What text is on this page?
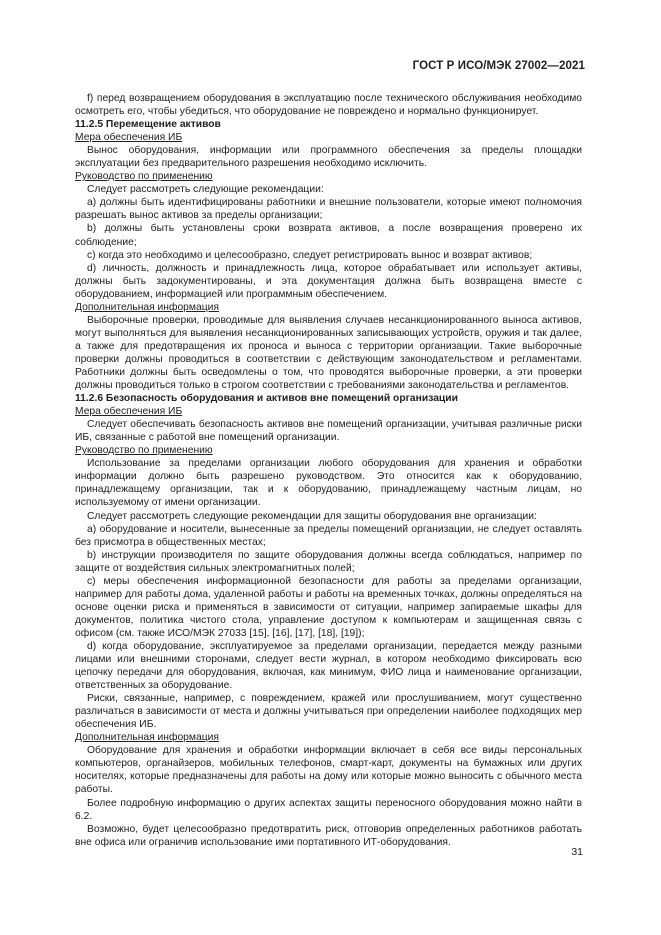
ГОСТ Р ИСО/МЭК 27002—2021

f) перед возвращением оборудования в эксплуатацию после технического обслуживания необходимо осмотреть его, чтобы убедиться, что оборудование не повреждено и нормально функционирует.

11.2.5 Перемещение активов

Мера обеспечения ИБ

Вынос оборудования, информации или программного обеспечения за пределы площадки эксплуатации без предварительного разрешения необходимо исключить.

Руководство по применению

Следует рассмотреть следующие рекомендации:

а) должны быть идентифицированы работники и внешние пользователи, которые имеют полномочия разрешать вынос активов за пределы организации;

b) должны быть установлены сроки возврата активов, а после возвращения проверено их соблюдение;

с) когда это необходимо и целесообразно, следует регистрировать вынос и возврат активов;

d) личность, должность и принадлежность лица, которое обрабатывает или использует активы, должны быть задокументированы, и эта документация должна быть возвращена вместе с оборудованием, информацией или программным обеспечением.

Дополнительная информация

Выборочные проверки, проводимые для выявления случаев несанкционированного выноса активов, могут выполняться для выявления несанкционированных записывающих устройств, оружия и так далее, а также для предотвращения их проноса и выноса с территории организации. Такие выборочные проверки должны проводиться в соответствии с действующим законодательством и регламентами. Работники должны быть осведомлены о том, что проводятся выборочные проверки, а эти проверки должны проводиться только в строгом соответствии с требованиями законодательства и регламентов.

11.2.6 Безопасность оборудования и активов вне помещений организации

Мера обеспечения ИБ

Следует обеспечивать безопасность активов вне помещений организации, учитывая различные риски ИБ, связанные с работой вне помещений организации.

Руководство по применению

Использование за пределами организации любого оборудования для хранения и обработки информации должно быть разрешено руководством. Это относится как к оборудованию, принадлежащему организации, так и к оборудованию, принадлежащему частным лицам, но используемому от имени организации.

Следует рассмотреть следующие рекомендации для защиты оборудования вне организации:

а) оборудование и носители, вынесенные за пределы помещений организации, не следует оставлять без присмотра в общественных местах;

b) инструкции производителя по защите оборудования должны всегда соблюдаться, например по защите от воздействия сильных электромагнитных полей;

с) меры обеспечения информационной безопасности для работы за пределами организации, например для работы дома, удаленной работы и работы на временных точках, должны определяться на основе оценки риска и применяться в зависимости от ситуации, например запираемые шкафы для документов, политика чистого стола, управление доступом к компьютерам и защищенная связь с офисом (см. также ИСО/МЭК 27033 [15], [16], [17], [18], [19]);

d) когда оборудование, эксплуатируемое за пределами организации, передается между разными лицами или внешними сторонами, следует вести журнал, в котором необходимо фиксировать всю цепочку передачи для оборудования, включая, как минимум, ФИО лица и наименование организации, ответственных за оборудование.

Риски, связанные, например, с повреждением, кражей или прослушиванием, могут существенно различаться в зависимости от места и должны учитываться при определении наиболее подходящих мер обеспечения ИБ.

Дополнительная информация

Оборудование для хранения и обработки информации включает в себя все виды персональных компьютеров, органайзеров, мобильных телефонов, смарт-карт, документы на бумажных или других носителях, которые предназначены для работы на дому или которые можно выносить с обычного места работы.

Более подробную информацию о других аспектах защиты переносного оборудования можно найти в 6.2.

Возможно, будет целесообразно предотвратить риск, отговорив определенных работников работать вне офиса или ограничив использование ими портативного ИТ-оборудования.

31
